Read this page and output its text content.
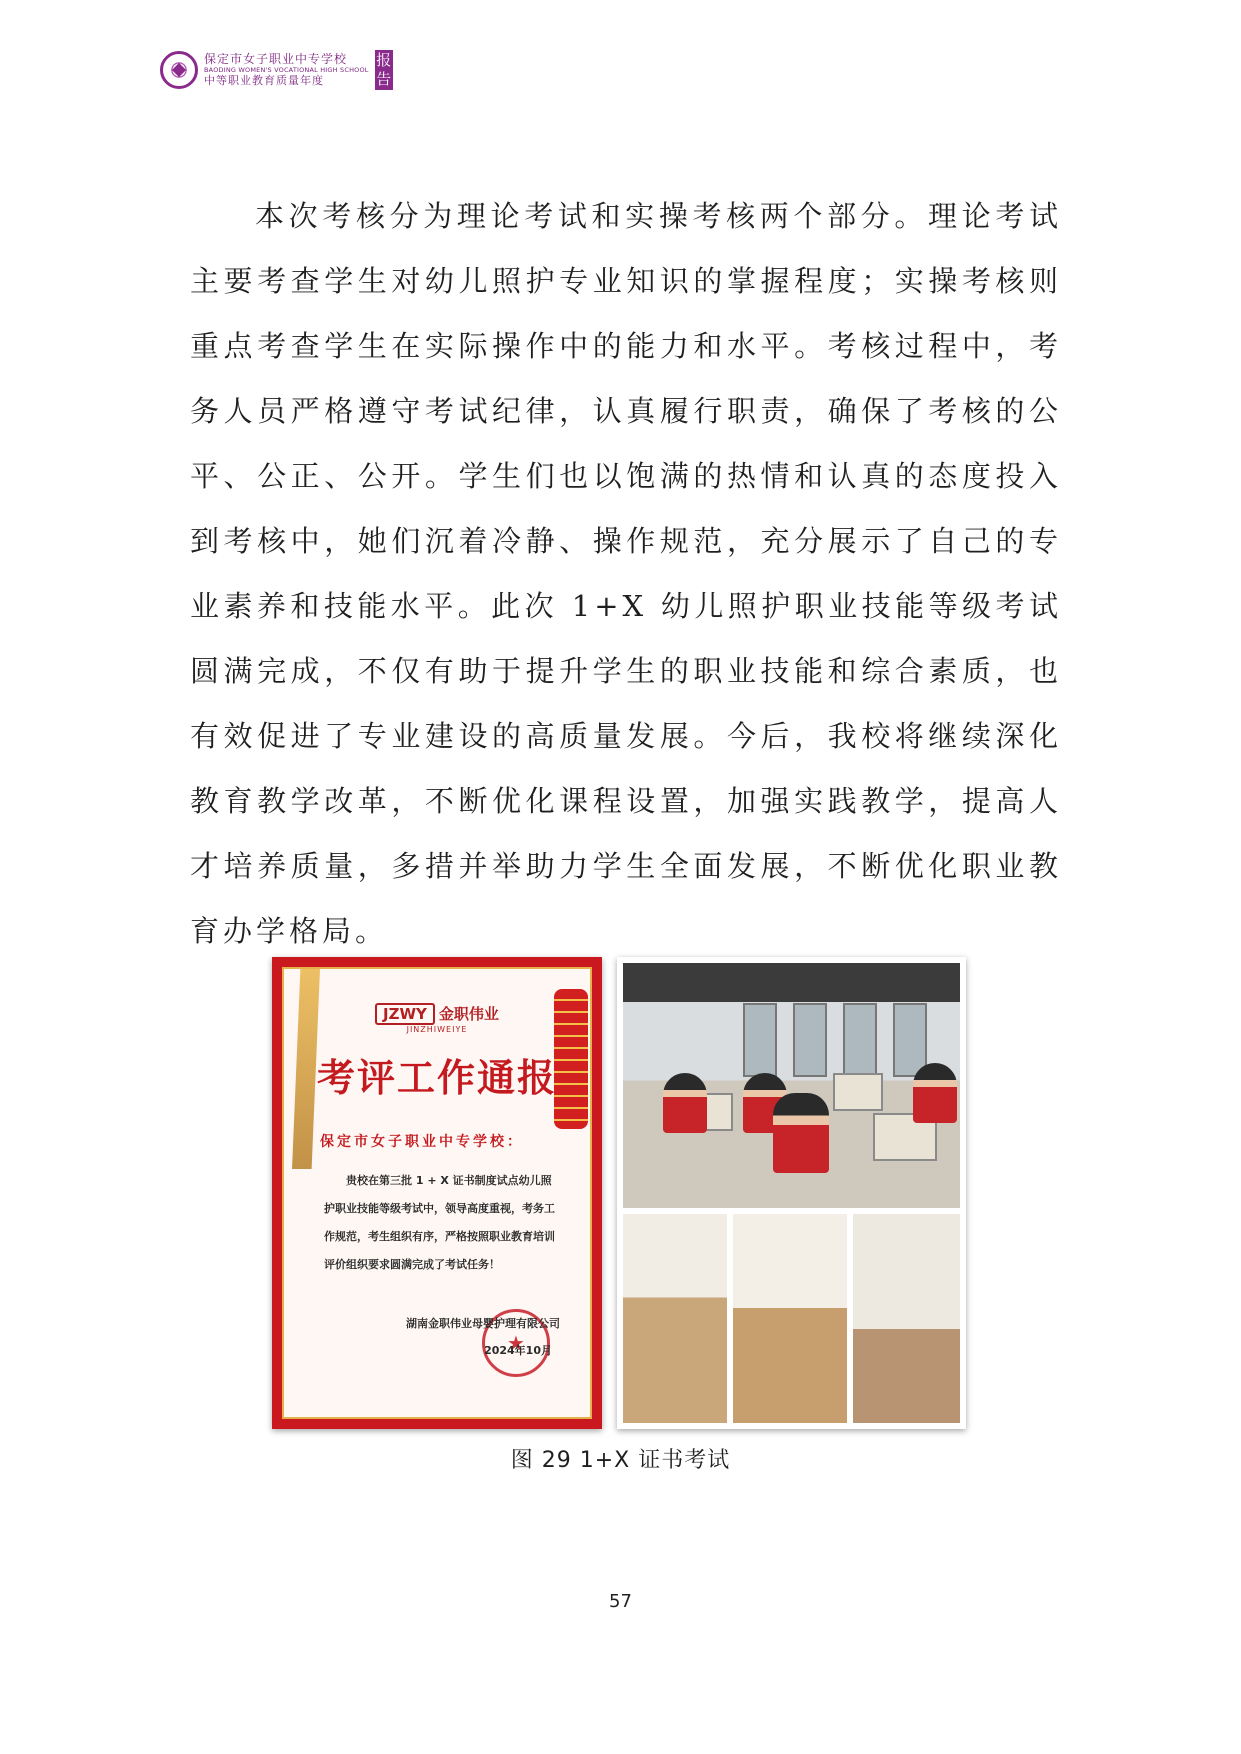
保定市女子职业中专学校
BAODING WOMEN'S VOCATIONAL HIGH SCHOOL
中等职业教育质量年度
报
告

本次考核分为理论考试和实操考核两个部分。理论考试主要考查学生对幼儿照护专业知识的掌握程度；实操考核则重点考查学生在实际操作中的能力和水平。考核过程中，考务人员严格遵守考试纪律，认真履行职责，确保了考核的公平、公正、公开。学生们也以饱满的热情和认真的态度投入到考核中，她们沉着冷静、操作规范，充分展示了自己的专业素养和技能水平。此次 1+X 幼儿照护职业技能等级考试圆满完成，不仅有助于提升学生的职业技能和综合素质，也有效促进了专业建设的高质量发展。今后，我校将继续深化教育教学改革，不断优化课程设置，加强实践教学，提高人才培养质量，多措并举助力学生全面发展，不断优化职业教育办学格局。

JZWY 金职伟业
JINZHIWEIYE
考评工作通报
保定市女子职业中专学校：
贵校在第三批 1 + X 证书制度试点幼儿照护职业技能等级考试中，领导高度重视，考务工作规范，考生组织有序，严格按照职业教育培训评价组织要求圆满完成了考试任务！
★
湖南金职伟业母婴护理有限公司
2024年10月
图 29 1+X 证书考试
57
